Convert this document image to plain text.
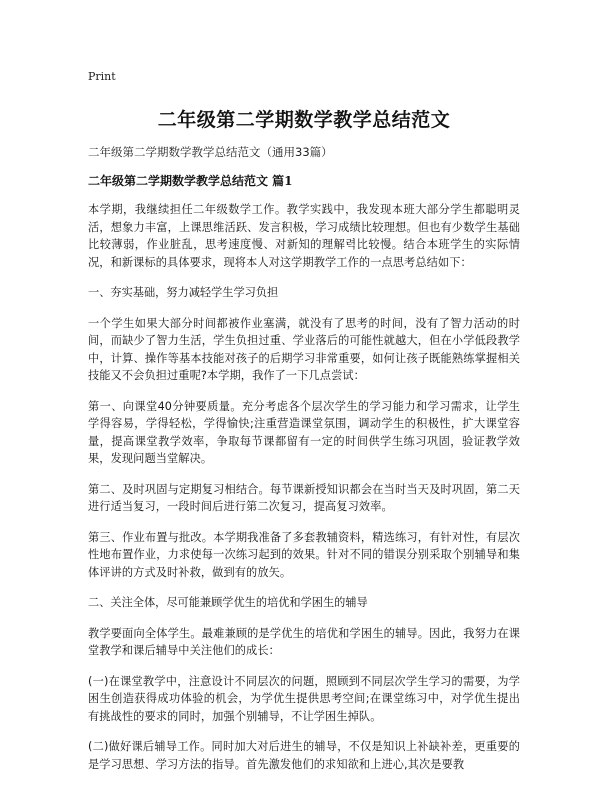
Print
二年级第二学期数学教学总结范文
二年级第二学期数学教学总结范文（通用33篇）
二年级第二学期数学教学总结范文 篇1

本学期，我继续担任二年级数学工作。教学实践中，我发现本班大部分学生都聪明灵活，想象力丰富，上课思维活跃、发言积极，学习成绩比较理想。但也有少数学生基础比较薄弱，作业脏乱，思考速度慢、对新知的理解력比较慢。结合本班学生的实际情况，和新课标的具体要求，现将本人对这学期教学工作的一点思考总结如下：

一、夯实基础，努力减轻学生学习负担

一个学生如果大部分时间都被作业塞满，就没有了思考的时间，没有了智力活动的时间，而缺少了智力生活，学生负担过重、学业落后的可能性就越大，但在小学低段教学中，计算、操作等基本技能对孩子的后期学习非常重要，如何让孩子既能熟练掌握相关技能又不会负担过重呢?本学期，我作了一下几点尝试：

第一、向课堂40分钟要质量。充分考虑各个层次学生的学习能力和学习需求，让学生学得容易，学得轻松，学得愉快;注重营造课堂氛围，调动学生的积极性，扩大课堂容量，提高课堂教学效率，争取每节课都留有一定的时间供学生练习巩固，验证教学效果，发现问题当堂解决。

第二、及时巩固与定期复习相结合。每节课新授知识都会在当时当天及时巩固，第二天进行适当复习，一段时间后进行第二次复习，提高复习效率。

第三、作业布置与批改。本学期我准备了多套教辅资料，精选练习，有针对性，有层次性地布置作业，力求使每一次练习起到的效果。针对不同的错误分别采取个别辅导和集体评讲的方式及时补救，做到有的放矢。

二、关注全体，尽可能兼顾学优生的培优和学困生的辅导

教学要面向全体学生。最难兼顾的是学优生的培优和学困生的辅导。因此，我努力在课堂教学和课后辅导中关注他们的成长：

(一)在课堂教学中，注意设计不同层次的问题，照顾到不同层次学生学习的需要，为学困生创造获得成功体验的机会，为学优生提供思考空间;在课堂练习中，对学优生提出有挑战性的要求的同时，加强个别辅导，不让学困生掉队。

(二)做好课后辅导工作。同时加大对后进生的辅导，不仅是知识上补缺补差，更重要的是学习思想、学习方法的指导。首先激发他们的求知欲和上进心,其次是要教
